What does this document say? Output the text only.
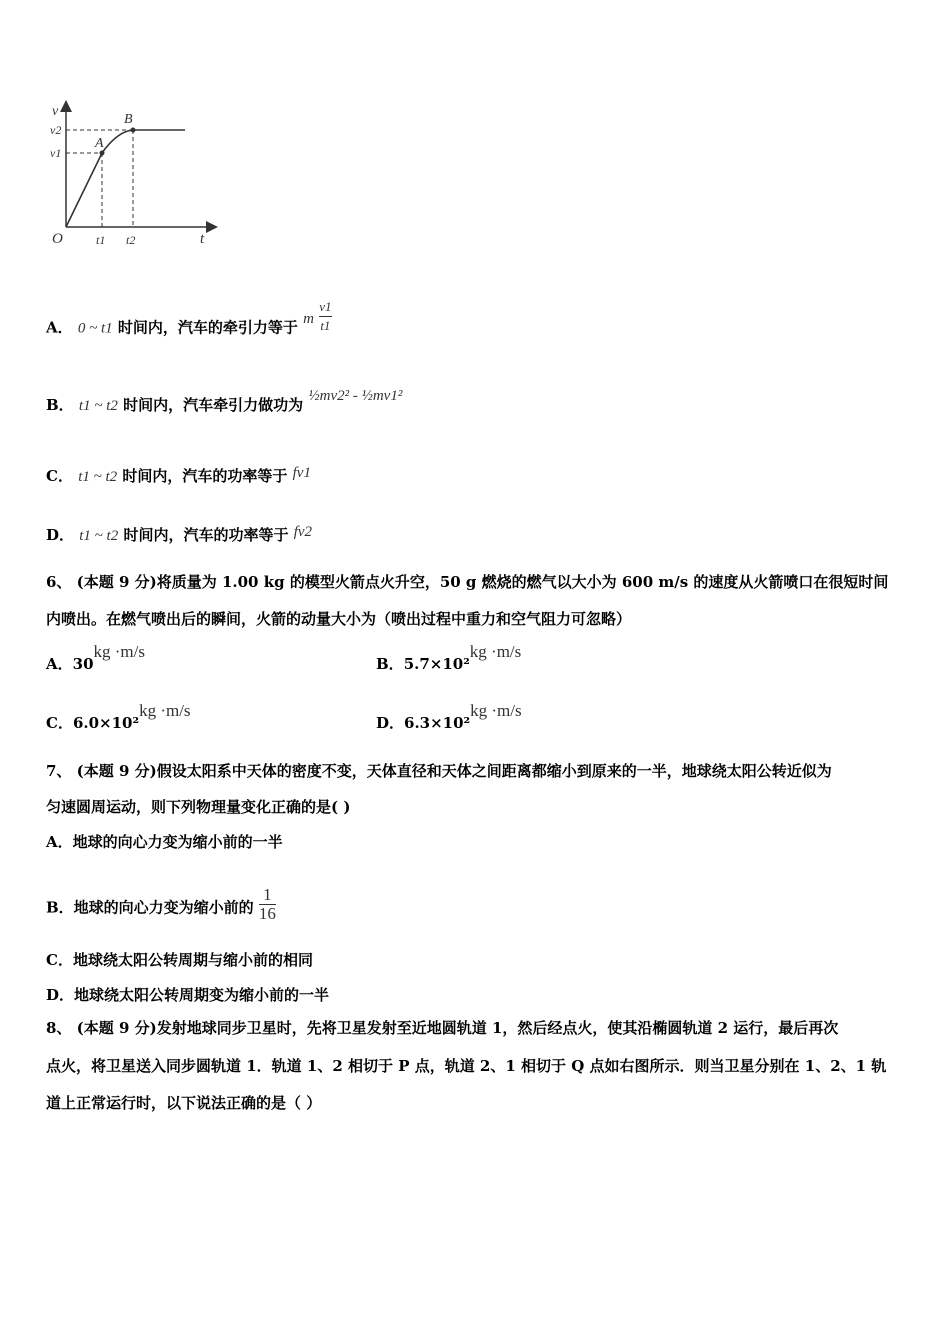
v
v2
v1
O	t1 t2	t
A
B
A． 0 ~ t1 时间内，汽车的牵引力等于 m $\frac{v1}{t1}$
B． t1 ~ t2 时间内，汽车牵引力做功为 ½mv2² - ½mv1²
C． t1 ~ t2 时间内，汽车的功率等于 fv1
D． t1 ~ t2 时间内，汽车的功率等于 fv2
6、 (本题 9 分)将质量为 1.00 kg 的模型火箭点火升空，50 g 燃烧的燃气以大小为 600 m/s 的速度从火箭喷口在很短时间
内喷出。在燃气喷出后的瞬间，火箭的动量大小为（喷出过程中重力和空气阻力可忽略）
A．30kg ·m/s
B．5.7×10²kg ·m/s
C．6.0×10²kg ·m/s
D．6.3×10²kg ·m/s
7、 (本题 9 分)假设太阳系中天体的密度不变，天体直径和天体之间距离都缩小到原来的一半，地球绕太阳公转近似为
匀速圆周运动，则下列物理量变化正确的是( )
A．地球的向心力变为缩小前的一半
B．地球的向心力变为缩小前的 $\frac{1}{16}$
C．地球绕太阳公转周期与缩小前的相同
D．地球绕太阳公转周期变为缩小前的一半
8、 (本题 9 分)发射地球同步卫星时，先将卫星发射至近地圆轨道 1，然后经点火，使其沿椭圆轨道 2 运行，最后再次
点火，将卫星送入同步圆轨道 1．轨道 1、2 相切于 P 点，轨道 2、1 相切于 Q 点如右图所示．则当卫星分别在 1、2、1 轨
道上正常运行时，以下说法正确的是（ ）
